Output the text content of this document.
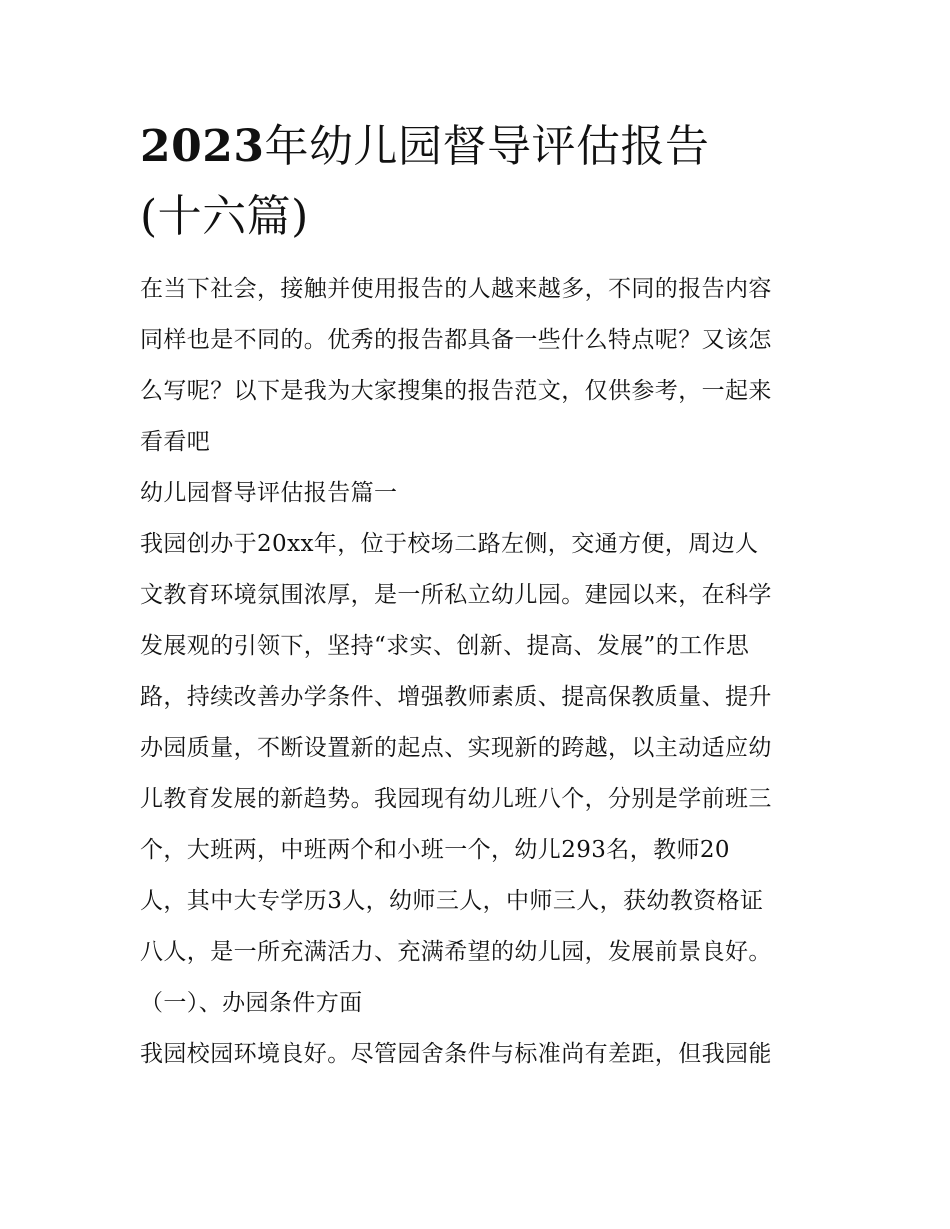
2023年幼儿园督导评估报告
(十六篇)

在当下社会，接触并使用报告的人越来越多，不同的报告内容

同样也是不同的。优秀的报告都具备一些什么特点呢？又该怎

么写呢？以下是我为大家搜集的报告范文，仅供参考，一起来

看看吧

幼儿园督导评估报告篇一

我园创办于20xx年，位于校场二路左侧，交通方便，周边人

文教育环境氛围浓厚，是一所私立幼儿园。建园以来，在科学

发展观的引领下，坚持“求实、创新、提高、发展”的工作思

路，持续改善办学条件、增强教师素质、提高保教质量、提升

办园质量，不断设置新的起点、实现新的跨越，以主动适应幼

儿教育发展的新趋势。我园现有幼儿班八个，分别是学前班三

个，大班两，中班两个和小班一个，幼儿293名，教师20

人，其中大专学历3人，幼师三人，中师三人，获幼教资格证

八人，是一所充满活力、充满希望的幼儿园，发展前景良好。

（一）、办园条件方面

我园校园环境良好。尽管园舍条件与标准尚有差距，但我园能
